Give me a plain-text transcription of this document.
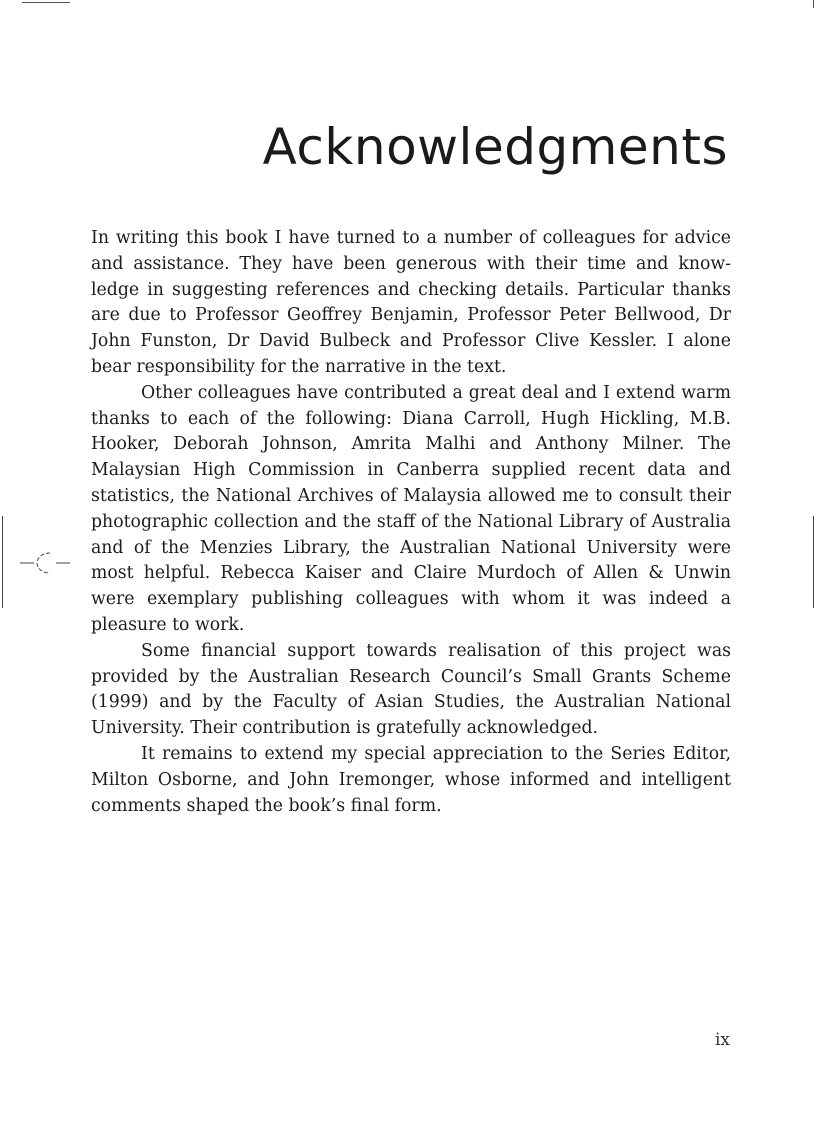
Acknowledgments

In writing this book I have turned to a number of colleagues for advice and assistance. They have been generous with their time and know-ledge in suggesting references and checking details. Particular thanks are due to Professor Geoffrey Benjamin, Professor Peter Bellwood, Dr John Funston, Dr David Bulbeck and Professor Clive Kessler. I alone bear responsibility for the narrative in the text.

Other colleagues have contributed a great deal and I extend warm thanks to each of the following: Diana Carroll, Hugh Hickling, M.B. Hooker, Deborah Johnson, Amrita Malhi and Anthony Milner. The Malaysian High Commission in Canberra supplied recent data and statistics, the National Archives of Malaysia allowed me to consult their photographic collection and the staff of the National Library of Australia and of the Menzies Library, the Australian National University were most helpful. Rebecca Kaiser and Claire Murdoch of Allen & Unwin were exemplary publishing colleagues with whom it was indeed a pleasure to work.

Some financial support towards realisation of this project was provided by the Australian Research Council’s Small Grants Scheme (1999) and by the Faculty of Asian Studies, the Australian National University. Their contribution is gratefully acknowledged.

It remains to extend my special appreciation to the Series Editor, Milton Osborne, and John Iremonger, whose informed and intelligent comments shaped the book’s final form.

ix
